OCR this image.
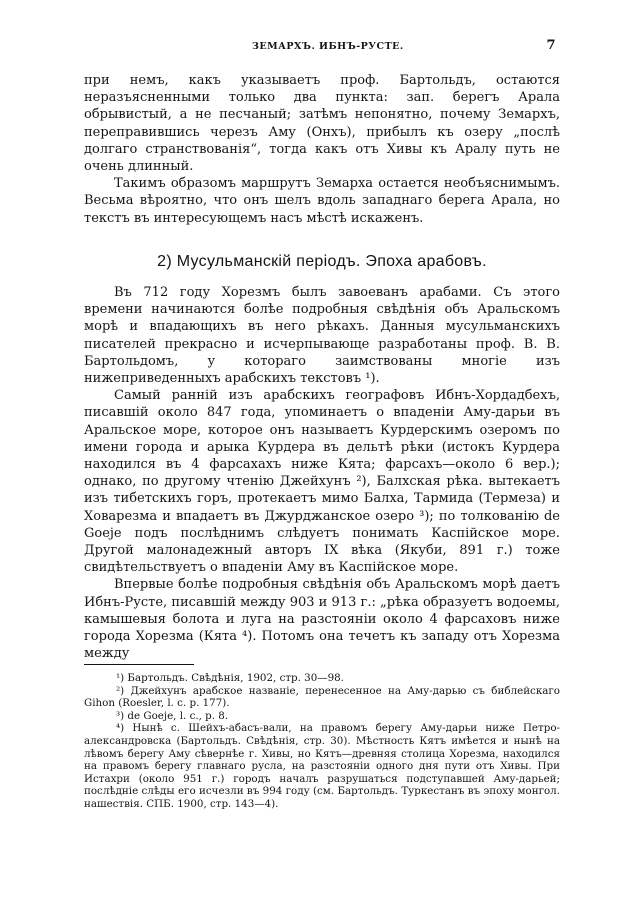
ЗЕМАРХЪ. ИБНЪ-РУСТЕ.	7

при немъ, какъ указываетъ проф. Бартольдъ, остаются неразъясненными только два пункта: зап. берегъ Арала обрывистый, а не песчаный; затѣмъ непонятно, почему Земархъ, переправившись черезъ Аму (Онхъ), прибылъ къ озеру „послѣ долгаго странствованія“, тогда какъ отъ Хивы къ Аралу путь не очень длинный.

Такимъ образомъ маршрутъ Земарха остается необъяснимымъ. Весьма вѣроятно, что онъ шелъ вдоль западнаго берега Арала, но текстъ въ интересующемъ насъ мѣстѣ искаженъ.

2) Мусульманскій періодъ. Эпоха арабовъ.

Въ 712 году Хорезмъ былъ завоеванъ арабами. Съ этого времени начинаются болѣе подробныя свѣдѣнія объ Аральскомъ морѣ и впадающихъ въ него рѣкахъ. Данныя мусульманскихъ писателей прекрасно и исчерпывающе разработаны проф. В. В. Бартольдомъ, у котораго заимствованы многіе изъ нижеприведенныхъ арабскихъ текстовъ ¹).

Самый ранній изъ арабскихъ географовъ Ибнъ-Хордадбехъ, писавшій около 847 года, упоминаетъ о впаденіи Аму-дарьи въ Аральское море, которое онъ называетъ Курдерскимъ озеромъ по имени города и арыка Курдера въ дельтѣ рѣки (истокъ Курдера находился въ 4 фарсахахъ ниже Кята; фарсахъ—около 6 вер.); однако, по другому чтенію Джейхунъ ²), Балхская рѣка. вытекаетъ изъ тибетскихъ горъ, протекаетъ мимо Балха, Тармида (Термеза) и Ховарезма и впадаетъ въ Джурджанское озеро ³); по толкованію de Goeje подъ послѣднимъ слѣдуетъ понимать Каспійское море. Другой малонадежный авторъ IX вѣка (Якуби, 891 г.) тоже свидѣтельствуетъ о впаденіи Аму въ Каспійское море.

Впервые болѣе подробныя свѣдѣнія объ Аральскомъ морѣ даетъ Ибнъ-Русте, писавшій между 903 и 913 г.: „рѣка образуетъ водоемы, камышевыя болота и луга на разстояніи около 4 фарсаховъ ниже города Хорезма (Кята ⁴). Потомъ она течетъ къ западу отъ Хорезма между

¹) Бартольдъ. Свѣдѣнія, 1902, стр. 30—98.

²) Джейхунъ арабское названіе, перенесенное на Аму-дарью съ библейскаго Gihon (Roesler, l. c. p. 177).

³) de Goeje, l. c., p. 8.

⁴) Нынѣ с. Шейхъ-абасъ-вали, на правомъ берегу Аму-дарьи ниже Петро-александровска (Бартольдъ. Свѣдѣнія, стр. 30). Мѣстность Кятъ имѣется и нынѣ на лѣвомъ берегу Аму сѣвернѣе г. Хивы, но Кятъ—древняя столица Хорезма, находился на правомъ берегу главнаго русла, на разстояніи одного дня пути отъ Хивы. При Истахри (около 951 г.) городъ началъ разрушаться подступавшей Аму-дарьей; послѣдніе слѣды его исчезли въ 994 году (см. Бартольдъ. Туркестанъ въ эпоху монгол. нашествія. СПБ. 1900, стр. 143—4).
